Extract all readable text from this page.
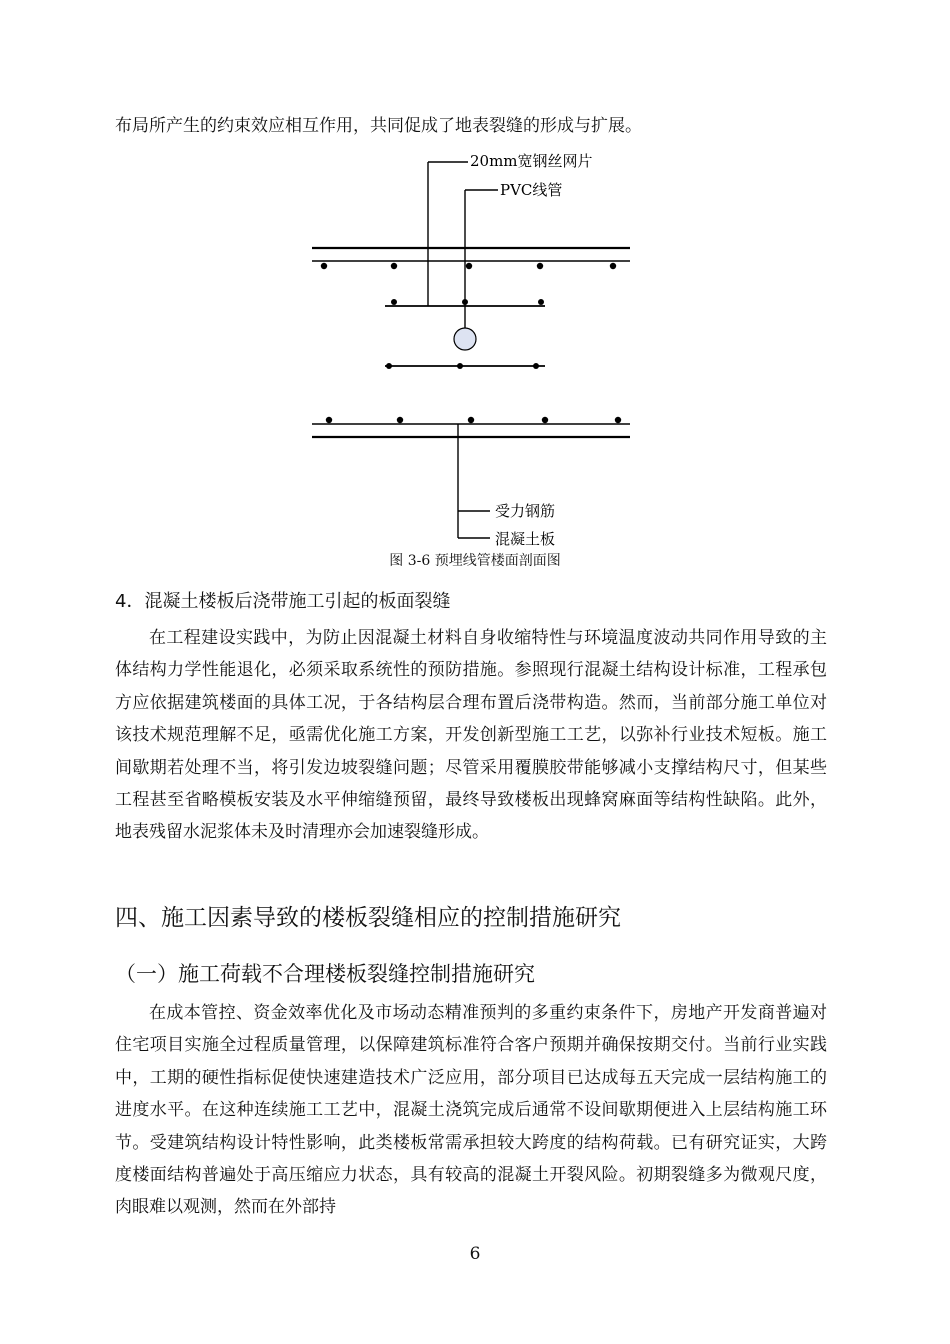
布局所产生的约束效应相互作用，共同促成了地表裂缝的形成与扩展。
20mm宽钢丝网片
PVC线管
受力钢筋
混凝土板
图 3-6 预埋线管楼面剖面图
4．混凝土楼板后浇带施工引起的板面裂缝

在工程建设实践中，为防止因混凝土材料自身收缩特性与环境温度波动共同作用导致的主体结构力学性能退化，必须采取系统性的预防措施。参照现行混凝土结构设计标准，工程承包方应依据建筑楼面的具体工况，于各结构层合理布置后浇带构造。然而，当前部分施工单位对该技术规范理解不足，亟需优化施工方案，开发创新型施工工艺，以弥补行业技术短板。施工间歇期若处理不当，将引发边坡裂缝问题；尽管采用覆膜胶带能够减小支撑结构尺寸，但某些工程甚至省略模板安装及水平伸缩缝预留，最终导致楼板出现蜂窝麻面等结构性缺陷。此外，地表残留水泥浆体未及时清理亦会加速裂缝形成。

四、施工因素导致的楼板裂缝相应的控制措施研究
（一）施工荷载不合理楼板裂缝控制措施研究

在成本管控、资金效率优化及市场动态精准预判的多重约束条件下，房地产开发商普遍对住宅项目实施全过程质量管理，以保障建筑标准符合客户预期并确保按期交付。当前行业实践中，工期的硬性指标促使快速建造技术广泛应用，部分项目已达成每五天完成一层结构施工的进度水平。在这种连续施工工艺中，混凝土浇筑完成后通常不设间歇期便进入上层结构施工环节。受建筑结构设计特性影响，此类楼板常需承担较大跨度的结构荷载。已有研究证实，大跨度楼面结构普遍处于高压缩应力状态，具有较高的混凝土开裂风险。初期裂缝多为微观尺度，肉眼难以观测，然而在外部持

6
